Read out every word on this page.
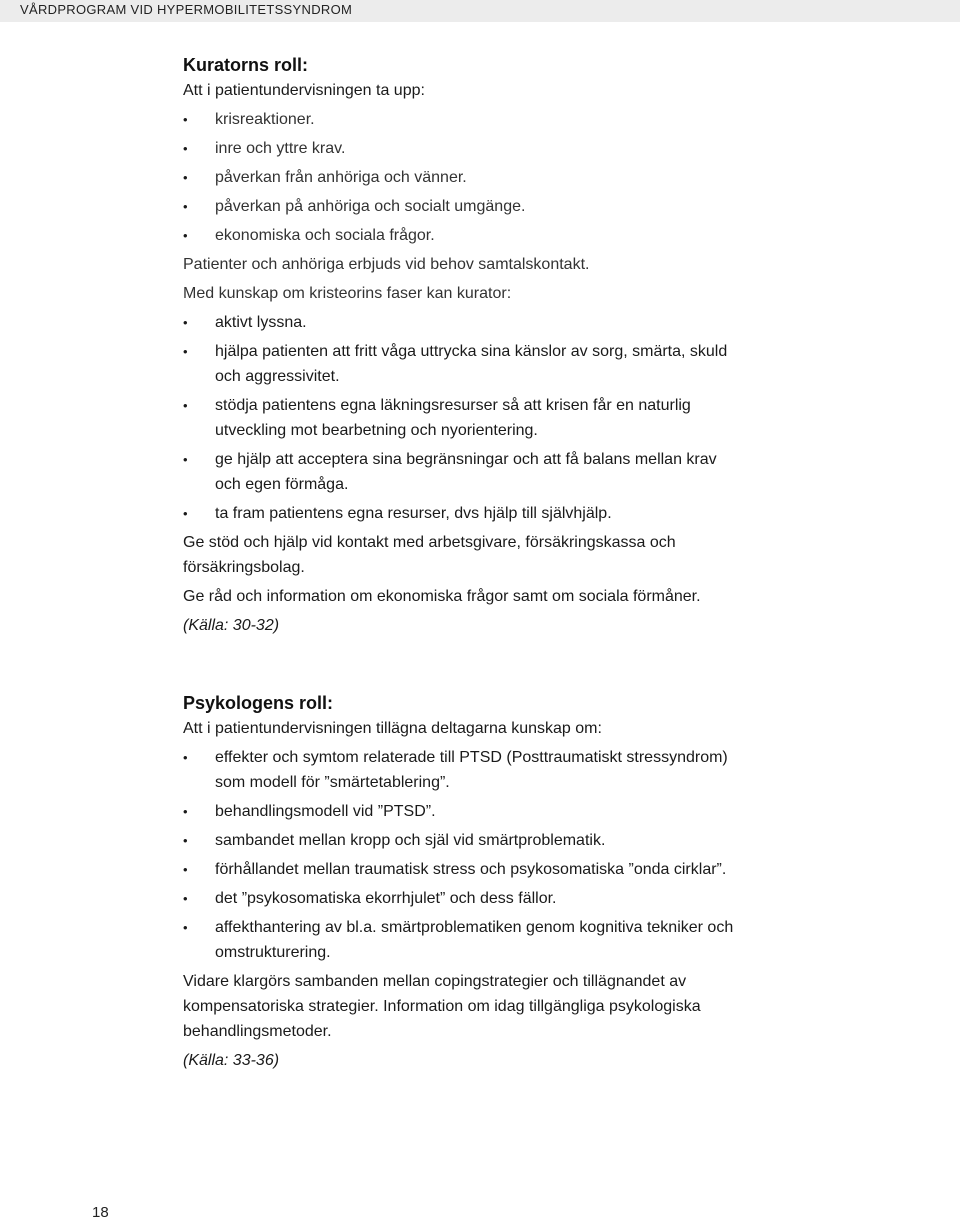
VÅRDPROGRAM VID HYPERMOBILITETSSYNDROM
Kuratorns roll:

Att i patientundervisningen ta upp:

• krisreaktioner.
• inre och yttre krav.
• påverkan från anhöriga och vänner.
• påverkan på anhöriga och socialt umgänge.
• ekonomiska och sociala frågor.

Patienter och anhöriga erbjuds vid behov samtalskontakt.

Med kunskap om kristeorins faser kan kurator:

• aktivt lyssna.
• hjälpa patienten att fritt våga uttrycka sina känslor av sorg, smärta, skuld och aggressivitet.
• stödja patientens egna läkningsresurser så att krisen får en naturlig utveckling mot bearbetning och nyorientering.
• ge hjälp att acceptera sina begränsningar och att få balans mellan krav och egen förmåga.
• ta fram patientens egna resurser, dvs hjälp till självhjälp.

Ge stöd och hjälp vid kontakt med arbetsgivare, försäkringskassa och försäkringsbolag.

Ge råd och information om ekonomiska frågor samt om sociala förmåner.

(Källa: 30-32)

Psykologens roll:

Att i patientundervisningen tillägna deltagarna kunskap om:

• effekter och symtom relaterade till PTSD (Posttraumatiskt stressyndrom) som modell för ”smärtetablering”.
• behandlingsmodell vid ”PTSD”.
• sambandet mellan kropp och själ vid smärtproblematik.
• förhållandet mellan traumatisk stress och psykosomatiska ”onda cirklar”.
• det ”psykosomatiska ekorrhjulet” och dess fällor.
• affekthantering av bl.a. smärtproblematiken genom kognitiva tekniker och omstrukturering.

Vidare klargörs sambanden mellan copingstrategier och tillägnandet av kompensatoriska strategier. Information om idag tillgängliga psykologiska behandlingsmetoder.

(Källa: 33-36)

18
